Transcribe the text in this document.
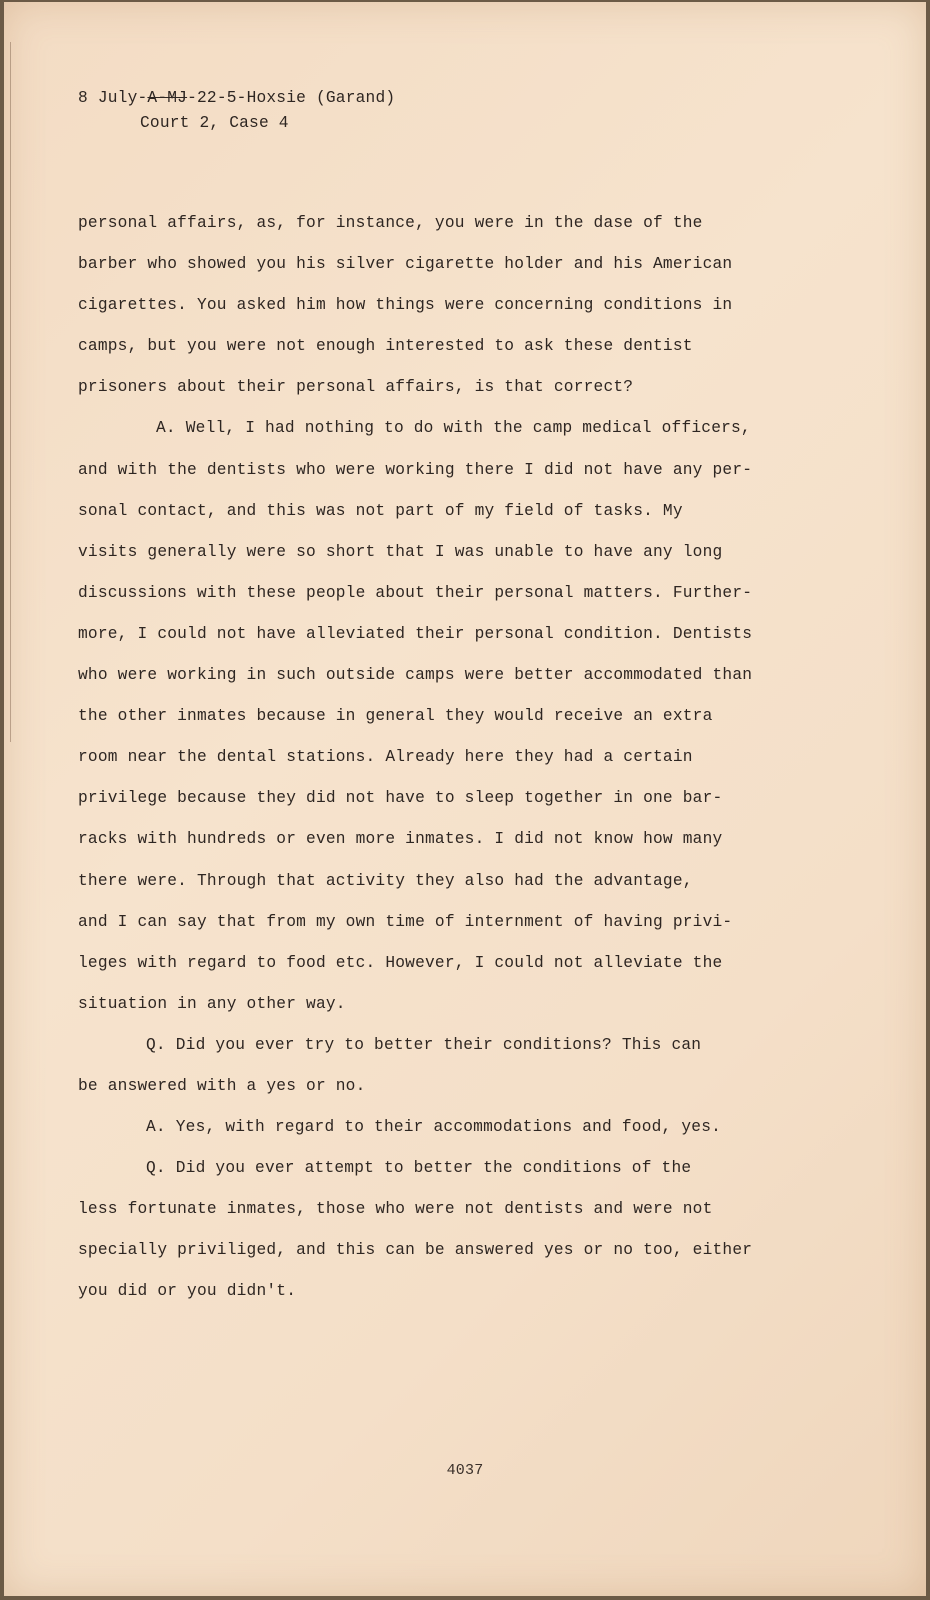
8 July-A-MJ-22-5-Hoxsie (Garand)
Court 2, Case 4
personal affairs, as, for instance, you were in the dase of the
barber who showed you his silver cigarette holder and his American
cigarettes. You asked him how things were concerning conditions in
camps, but you were not enough interested to ask these dentist
prisoners about their personal affairs, is that correct?
A. Well, I had nothing to do with the camp medical officers,
and with the dentists who were working there I did not have any per-
sonal contact, and this was not part of my field of tasks. My
visits generally were so short that I was unable to have any long
discussions with these people about their personal matters. Further-
more, I could not have alleviated their personal condition. Dentists
who were working in such outside camps were better accommodated than
the other inmates because in general they would receive an extra
room near the dental stations. Already here they had a certain
privilege because they did not have to sleep together in one bar-
racks with hundreds or even more inmates. I did not know how many
there were. Through that activity they also had the advantage,
and I can say that from my own time of internment of having privi-
leges with regard to food etc. However, I could not alleviate the
situation in any other way.
Q. Did you ever try to better their conditions? This can
be answered with a yes or no.
A. Yes, with regard to their accommodations and food, yes.
Q. Did you ever attempt to better the conditions of the
less fortunate inmates, those who were not dentists and were not
specially priviliged, and this can be answered yes or no too, either
you did or you didn't.
4037
